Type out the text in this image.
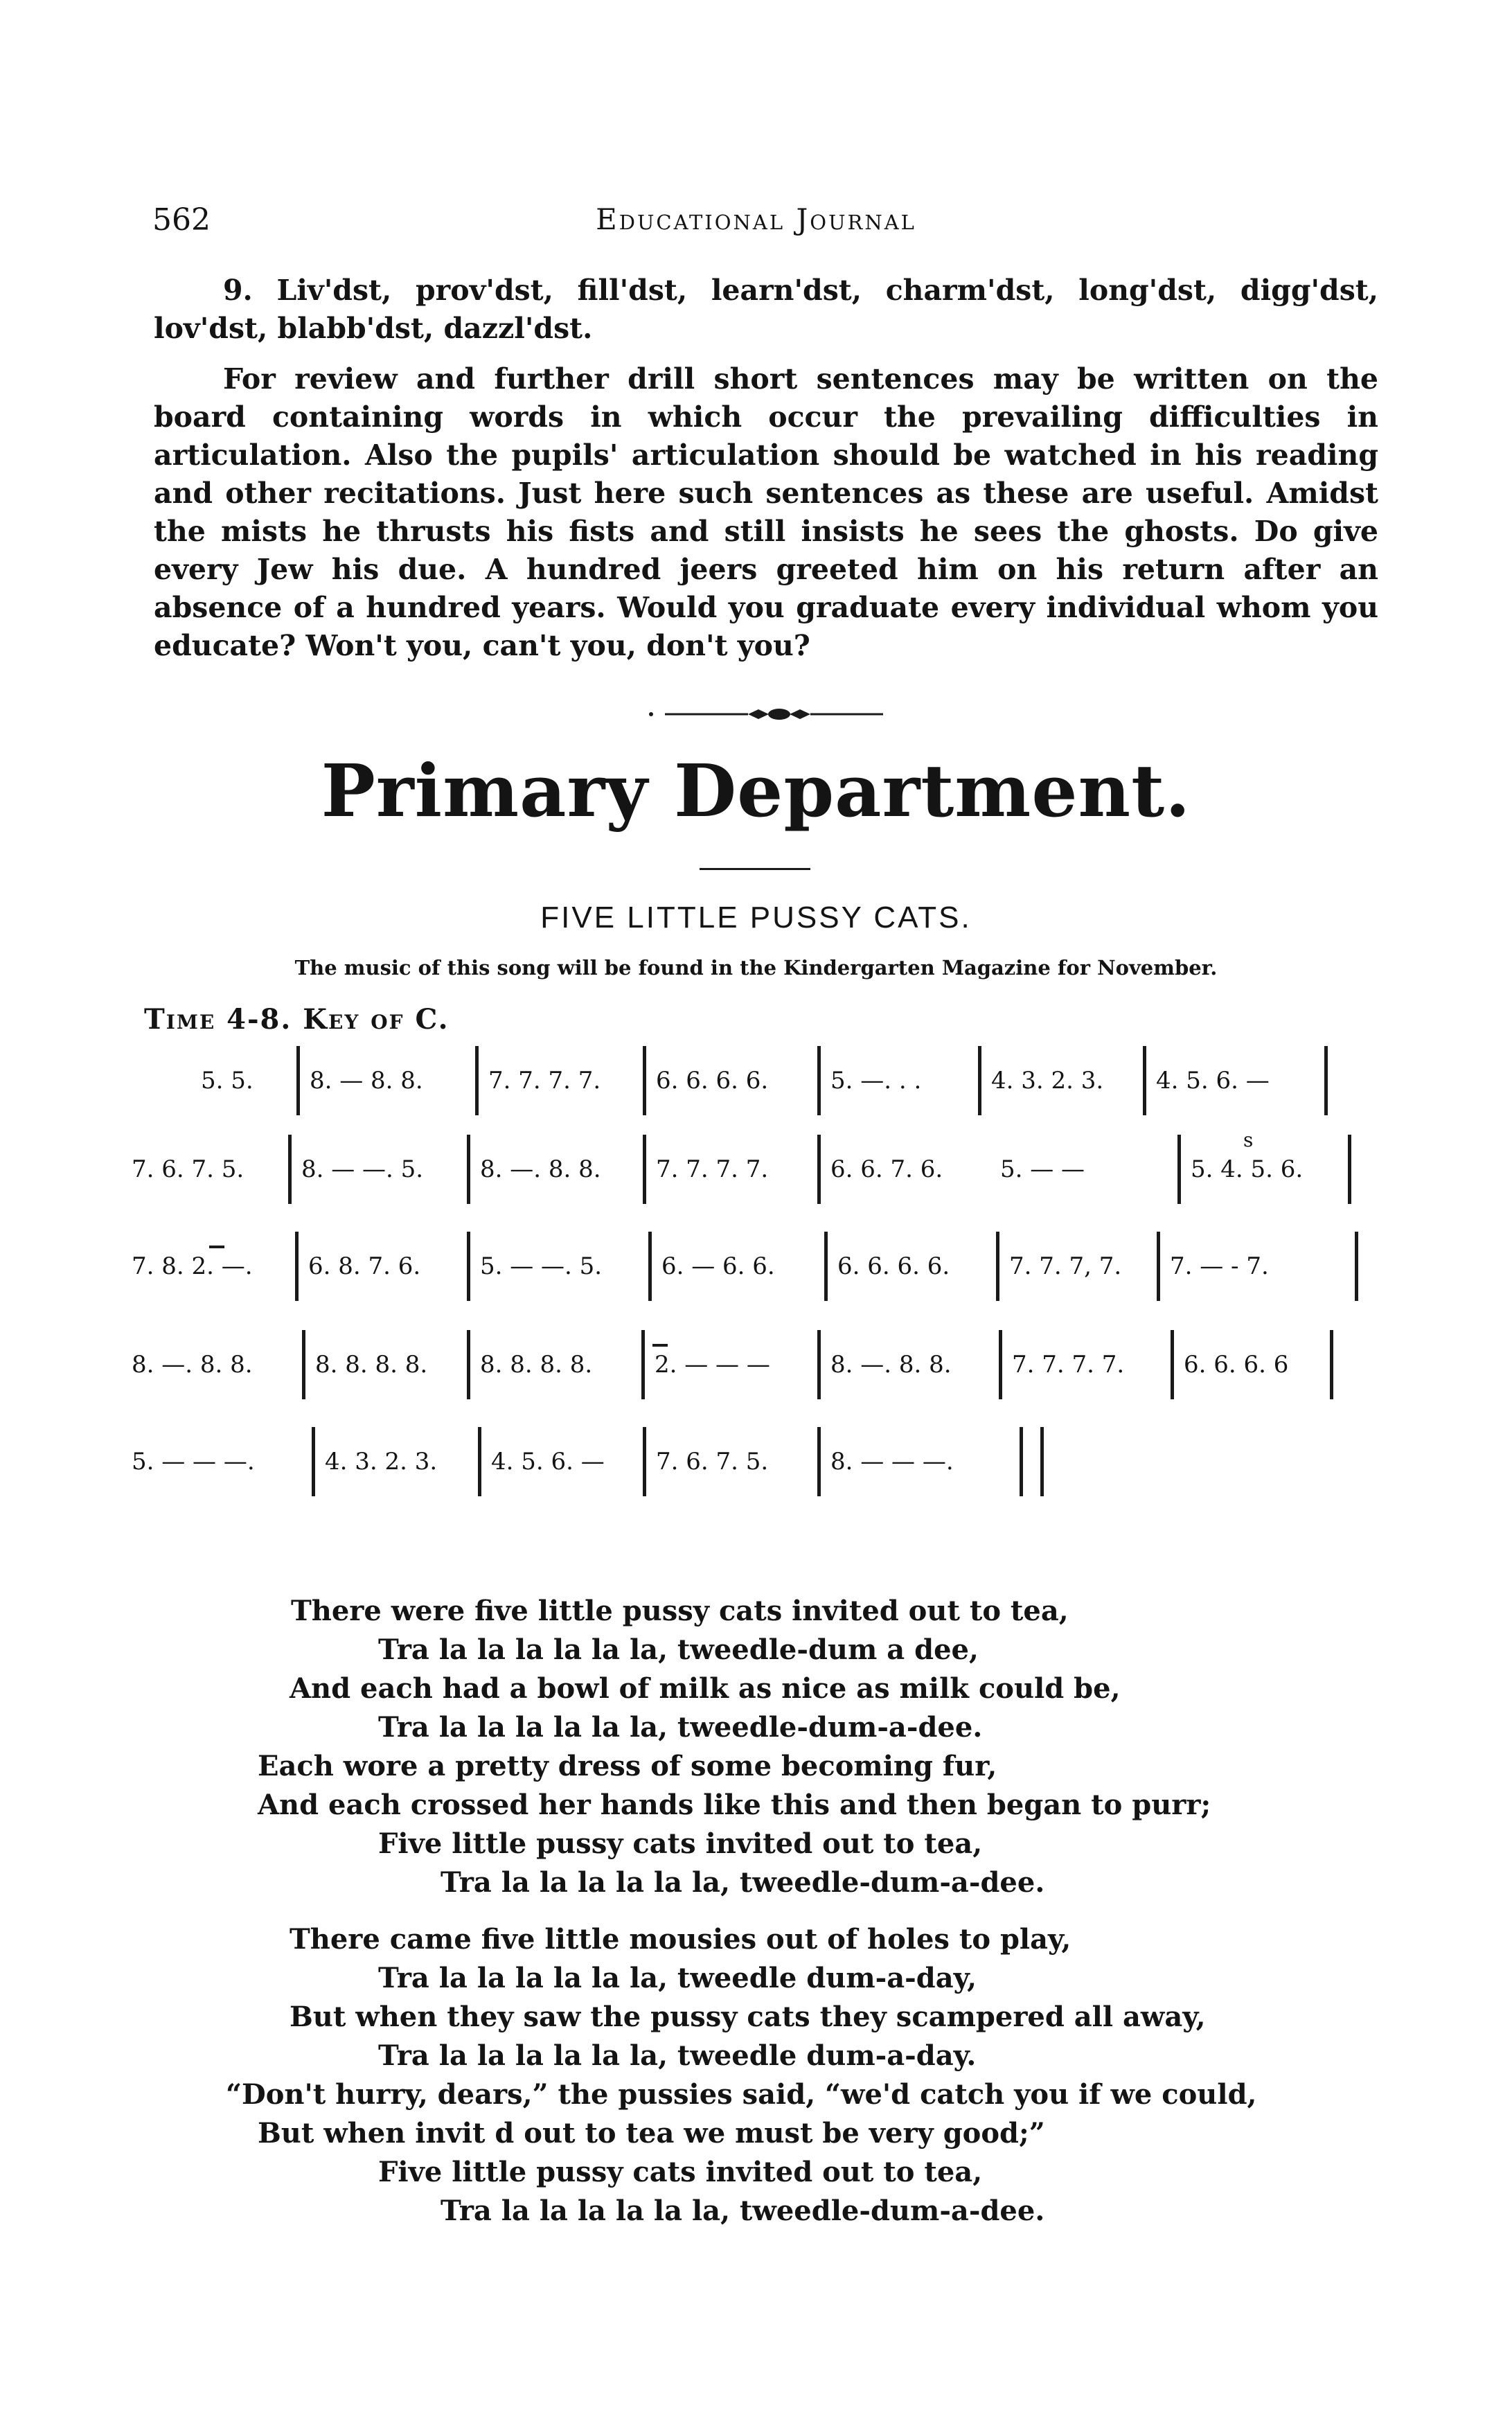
562	Educational Journal

9. Liv'dst, prov'dst, fill'dst, learn'dst, charm'dst, long'dst, digg'dst, lov'dst, blabb'dst, dazzl'dst.

For review and further drill short sentences may be written on the board containing words in which occur the prevailing difficulties in articulation. Also the pupils' articulation should be watched in his reading and other recitations. Just here such sentences as these are useful. Amidst the mists he thrusts his fists and still insists he sees the ghosts. Do give every Jew his due. A hundred jeers greeted him on his return after an absence of a hundred years. Would you graduate every individual whom you educate? Won't you, can't you, don't you?

Primary Department.
FIVE LITTLE PUSSY CATS.
The music of this song will be found in the Kindergarten Magazine for November.
Time 4-8. Key of C.
5. 5.	8. — 8. 8.	7. 7. 7. 7.	6. 6. 6. 6.	5. —. . .	4. 3. 2. 3.	4. 5. 6. —
7. 6. 7. 5.	8. — —. 5.	8. —. 8. 8.	7. 7. 7. 7.	6. 6. 7. 6.	5. — —	5. 4. 5. 6.
s
7. 8. 2. —.	6. 8. 7. 6.	5. — —. 5.	6. — 6. 6.	6. 6. 6. 6.	7. 7. 7, 7.	7. — - 7.
8. —. 8. 8.	8. 8. 8. 8.	8. 8. 8. 8.	2. — — —	8. —. 8. 8.	7. 7. 7. 7.	6. 6. 6. 6
5. — — —.	4. 3. 2. 3.	4. 5. 6. —	7. 6. 7. 5.	8. — — —.
There were five little pussy cats invited out to tea,
Tra la la la la la la, tweedle-dum a dee,
And each had a bowl of milk as nice as milk could be,
Tra la la la la la la, tweedle-dum-a-dee.
Each wore a pretty dress of some becoming fur,
And each crossed her hands like this and then began to purr;
Five little pussy cats invited out to tea,
Tra la la la la la la, tweedle-dum-a-dee.
There came five little mousies out of holes to play,
Tra la la la la la la, tweedle dum-a-day,
But when they saw the pussy cats they scampered all away,
Tra la la la la la la, tweedle dum-a-day.
“Don't hurry, dears,” the pussies said, “we'd catch you if we could,
But when invit d out to tea we must be very good;”
Five little pussy cats invited out to tea,
Tra la la la la la la, tweedle-dum-a-dee.
